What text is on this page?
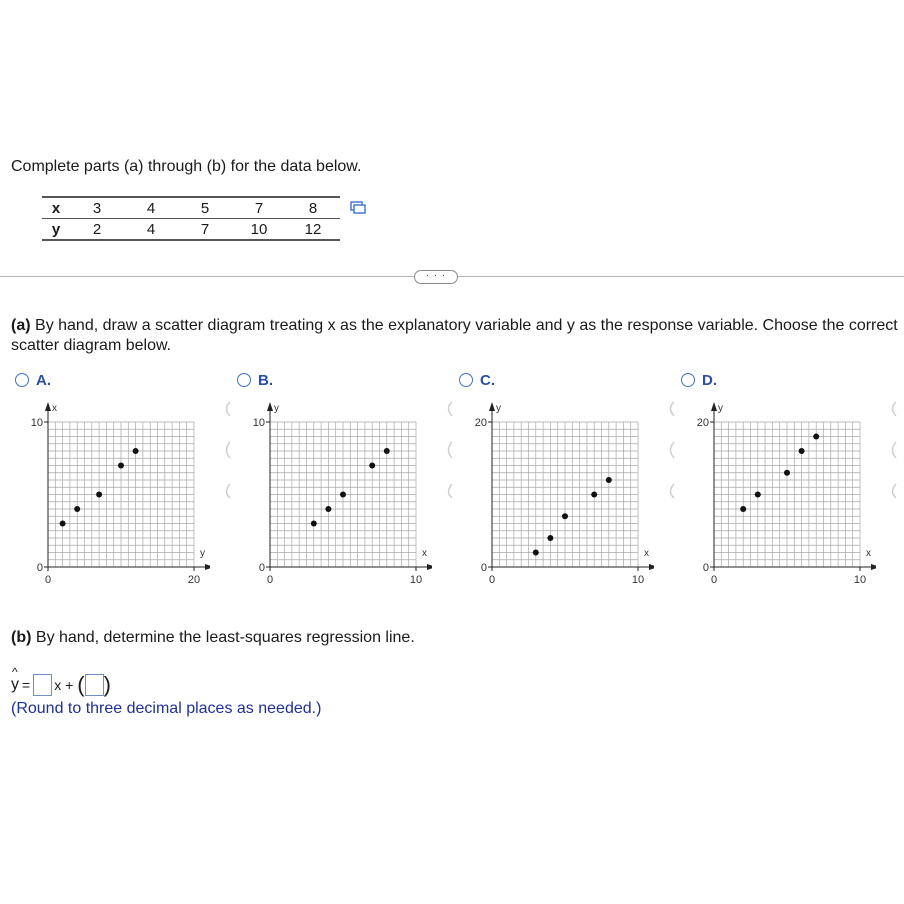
Complete parts (a) through (b) for the data below.
x	3	4	5	7	8
y	2	4	7	10	12
· · ·
(a) By hand, draw a scatter diagram treating x as the explanatory variable and y as the response variable. Choose the correct scatter diagram below.
A.	B.	C.	D.
10
0
0	20
x
y
10
0
0	10
y
x
20
0
0	10
y
x
20
0
0	10
y
x
(b) By hand, determine the least-squares regression line.
^
y = x + ( )
(Round to three decimal places as needed.)
